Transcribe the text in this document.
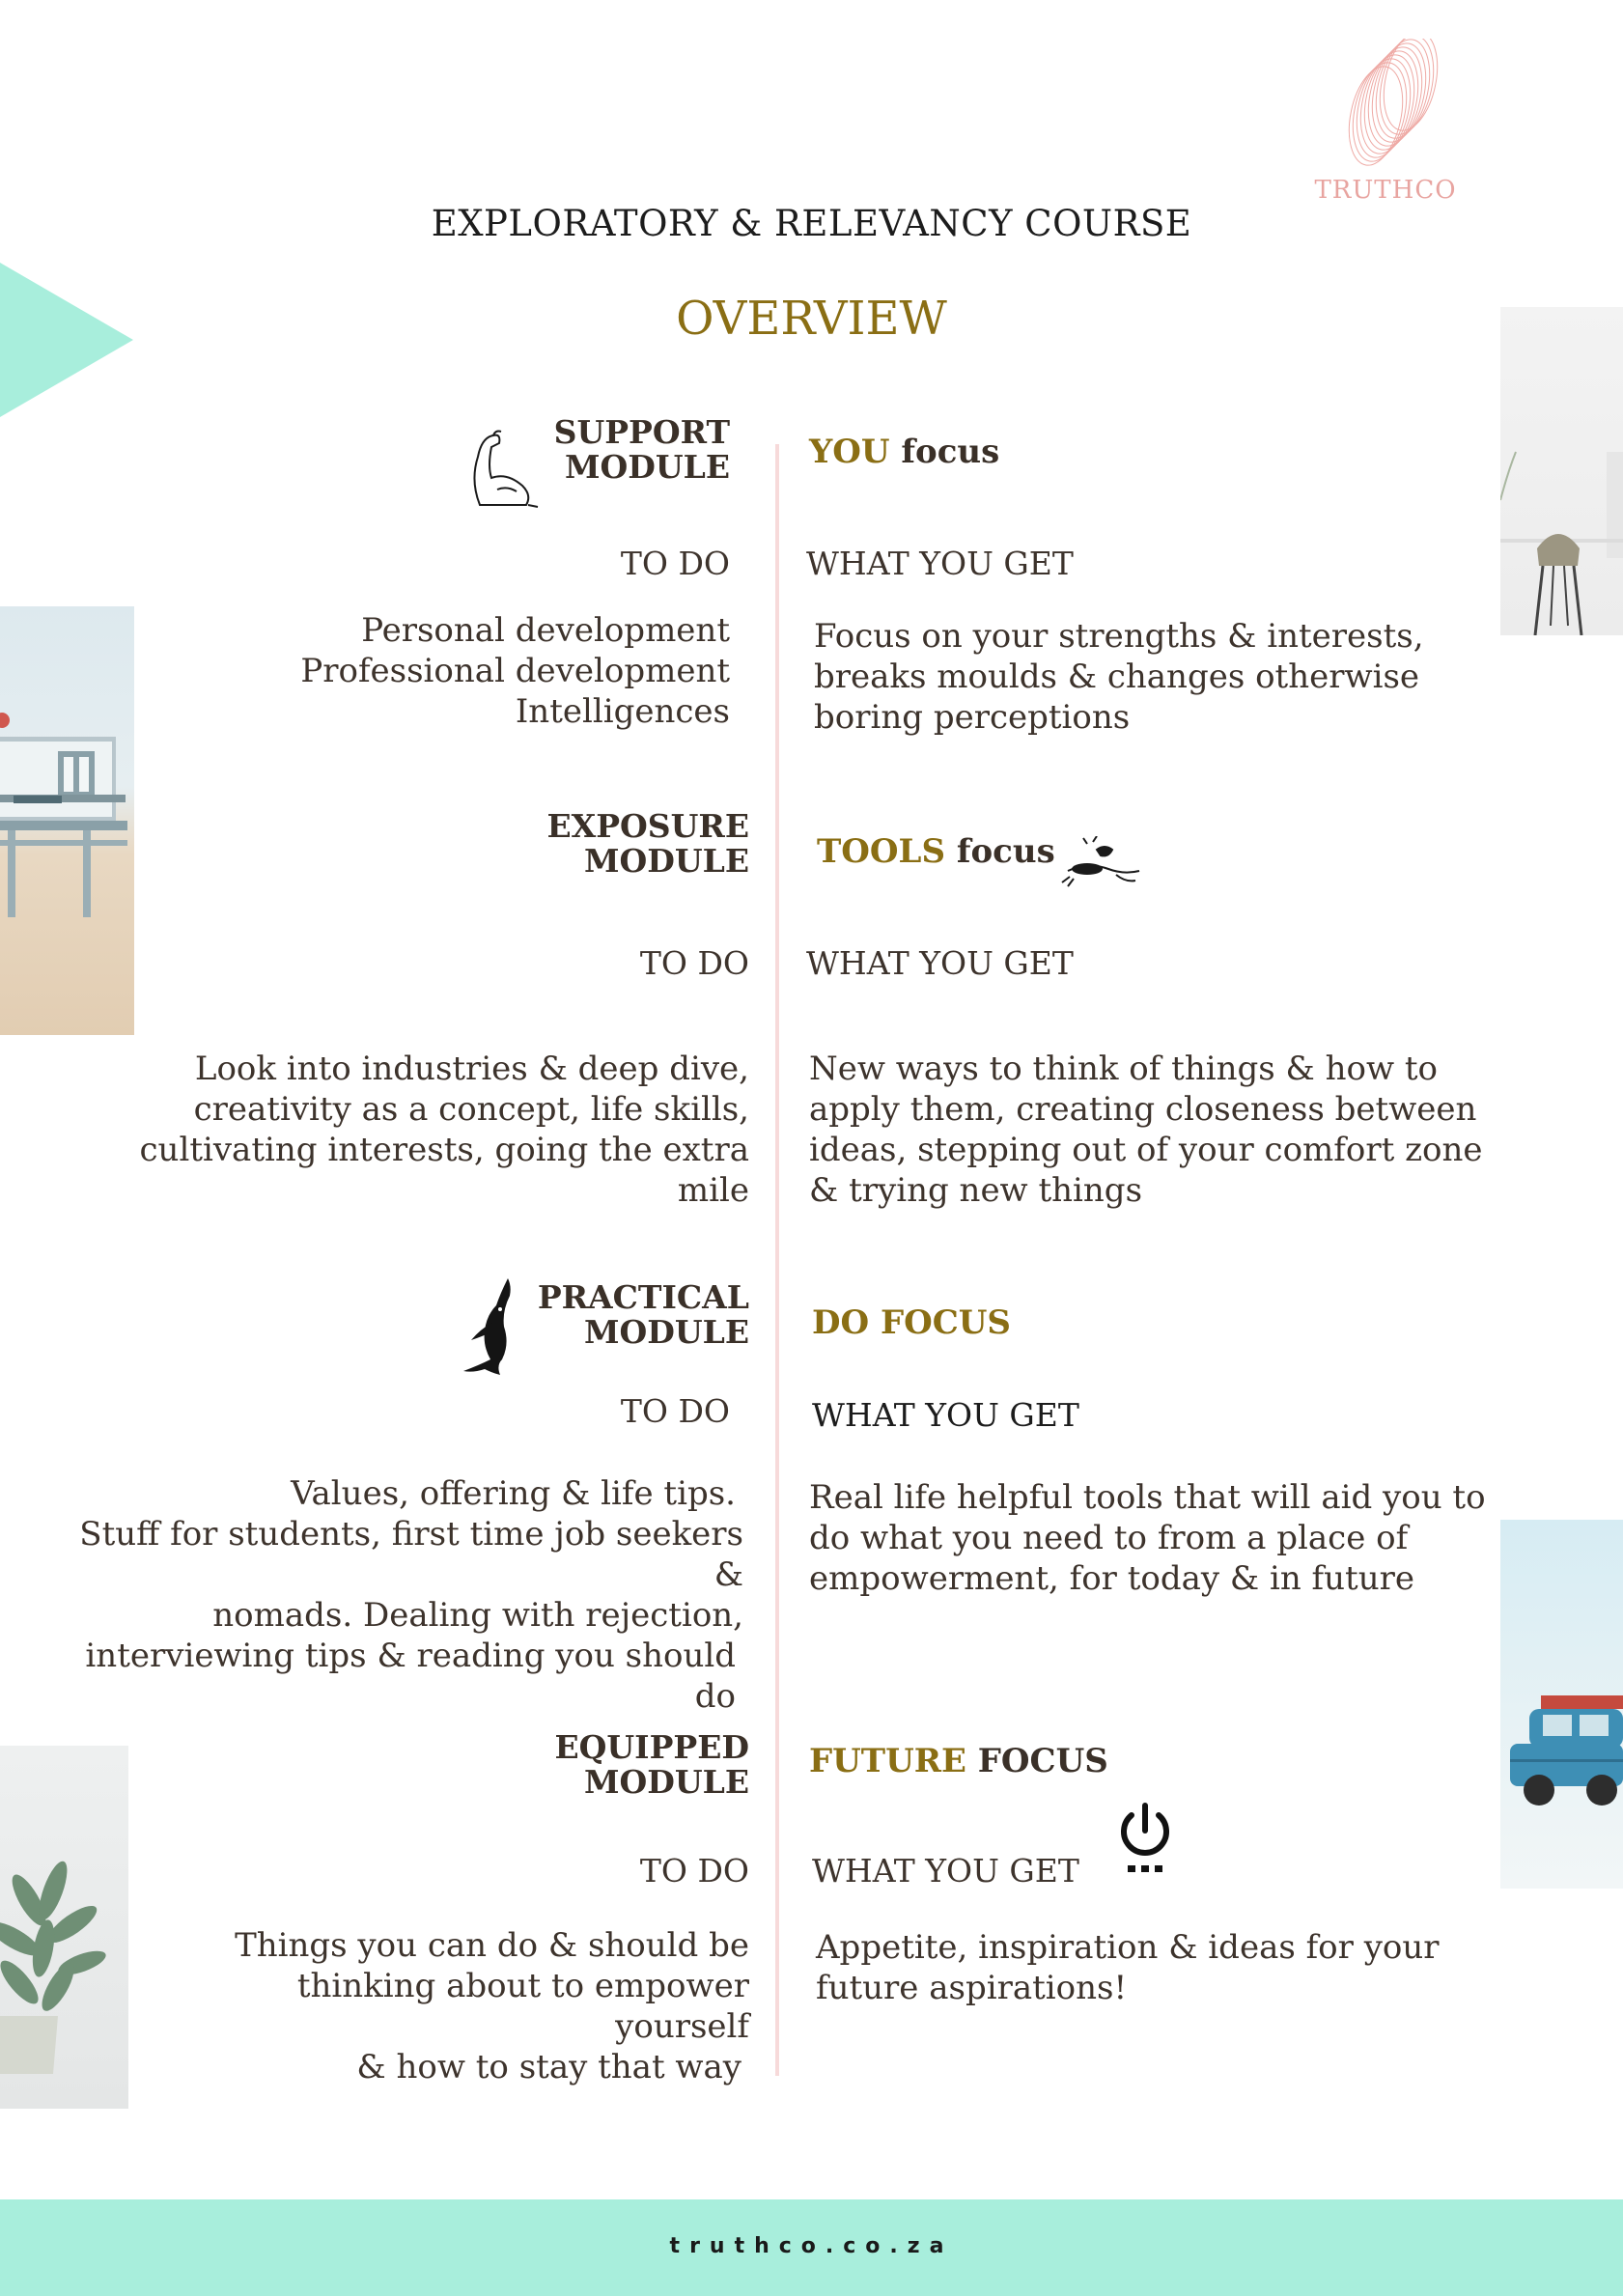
TRUTHCO
EXPLORATORY & RELEVANCY COURSE
OVERVIEW
SUPPORT
MODULE YOU focus
TO DO WHAT YOU GET
Personal development
Professional development
Intelligences
Focus on your strengths & interests,
breaks moulds & changes otherwise
boring perceptions
EXPOSURE
MODULE TOOLS focus
TO DO WHAT YOU GET
Look into industries & deep dive,
creativity as a concept, life skills,
cultivating interests, going the extra
mile
New ways to think of things & how to
apply them, creating closeness between
ideas, stepping out of your comfort zone
& trying new things
PRACTICAL
MODULE DO FOCUS
TO DO	WHAT YOU GET
Values, offering & life tips.
Stuff for students, first time job seekers &
nomads. Dealing with rejection,
interviewing tips & reading you should do
Real life helpful tools that will aid you to
do what you need to from a place of
empowerment, for today & in future
EQUIPPED
MODULE
FUTURE FOCUS
TO DO WHAT YOU GET
Things you can do & should be
thinking about to empower yourself
& how to stay that way
Appetite, inspiration & ideas for your
future aspirations!
truthco.co.za
